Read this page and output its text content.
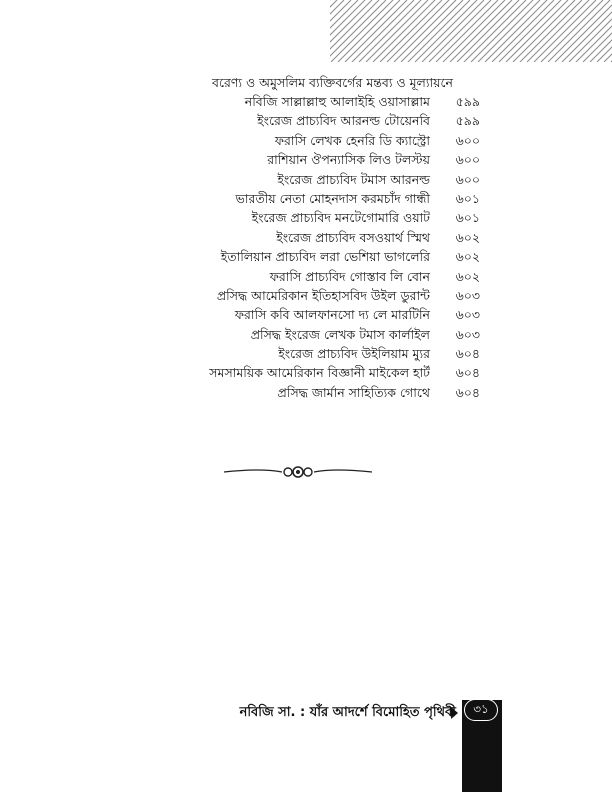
বরেণ্য ও অমুসলিম ব্যক্তিবর্গের মন্তব্য ও মূল্যায়নে
নবিজি সাল্লাল্লাহু আলাইহি ওয়াসাল্লাম	৫৯৯
ইংরেজ প্রাচ্যবিদ আরনল্ড টোয়েনবি	৫৯৯
ফরাসি লেখক হেনরি ডি ক্যাস্ট্রো	৬০০
রাশিয়ান ঔপন্যাসিক লিও টলস্টয়	৬০০
ইংরেজ প্রাচ্যবিদ টমাস আরনল্ড	৬০০
ভারতীয় নেতা মোহনদাস করমচাঁদ গান্ধী	৬০১
ইংরেজ প্রাচ্যবিদ মনটেগোমারি ওয়াট	৬০১
ইংরেজ প্রাচ্যবিদ বসওয়ার্থ স্মিথ	৬০২
ইতালিয়ান প্রাচ্যবিদ লরা ভেশিয়া ভাগলেরি	৬০২
ফরাসি প্রাচ্যবিদ গোস্তাব লি বোন	৬০২
প্রসিদ্ধ আমেরিকান ইতিহাসবিদ উইল ডুরান্ট	৬০৩
ফরাসি কবি আলফানসো দ্য লে মারটিনি	৬০৩
প্রসিদ্ধ ইংরেজ লেখক টমাস কার্লাইল	৬০৩
ইংরেজ প্রাচ্যবিদ উইলিয়াম ম্যুর	৬০৪
সমসাময়িক আমেরিকান বিজ্ঞানী মাইকেল হার্ট	৬০৪
প্রসিদ্ধ জার্মান সাহিত্যিক গোথে	৬০৪
নবিজি সা. : যাঁর আদর্শে বিমোহিত পৃথিবী	৩১
